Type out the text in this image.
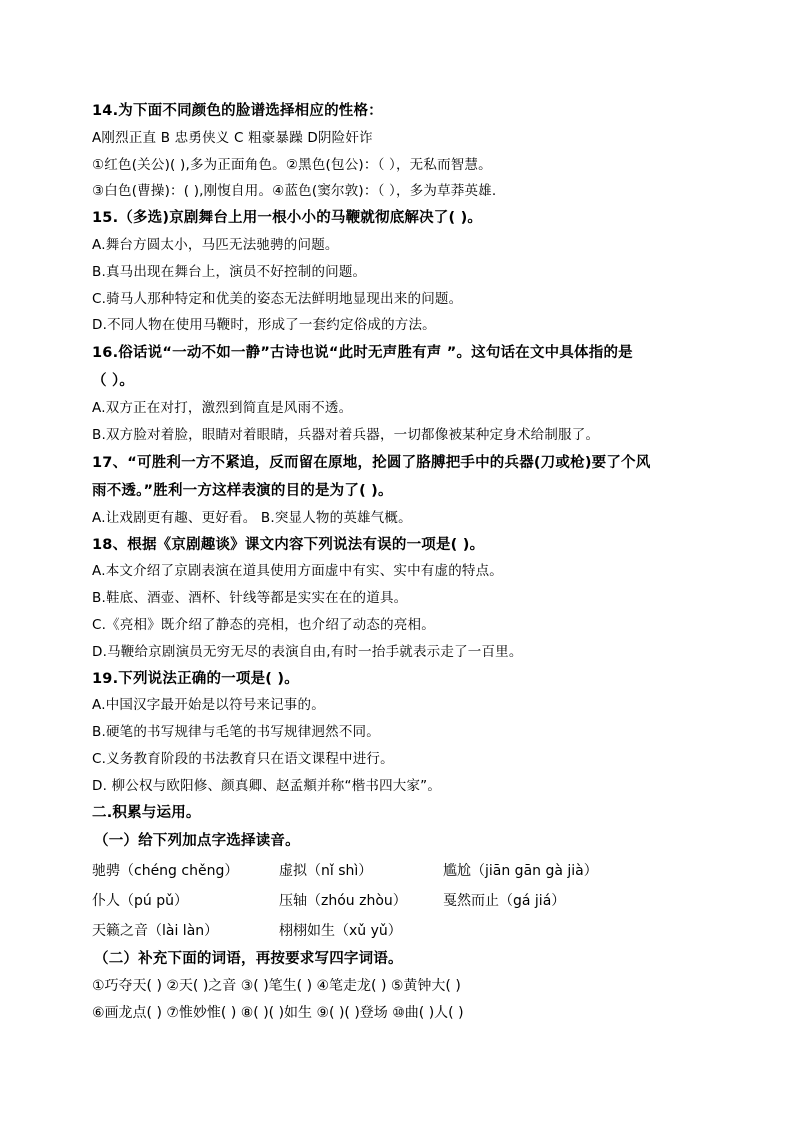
14.为下面不同颜色的脸谱选择相应的性格：
A刚烈正直 B 忠勇侠义 C 粗豪暴躁 D阴险奸诈
①红色(关公)( ),多为正面角色。②黑色(包公)：（ ），无私而智慧。
③白色(曹操)：( ),刚愎自用。④蓝色(窦尔敦)：（ ），多为草莽英雄.
15.（多选)京剧舞台上用一根小小的马鞭就彻底解决了( )。
A.舞台方圆太小，马匹无法驰骋的问题。
B.真马出现在舞台上，演员不好控制的问题。
C.骑马人那种特定和优美的姿态无法鲜明地显现出来的问题。
D.不同人物在使用马鞭时，形成了一套约定俗成的方法。
16.俗话说“一动不如一静”古诗也说“此时无声胜有声 ”。这句话在文中具体指的是
（ ）。
A.双方正在对打，激烈到简直是风雨不透。
B.双方脸对着脸，眼睛对着眼睛，兵器对着兵器，一切都像被某种定身术给制服了。
17、“可胜利一方不紧追，反而留在原地，抡圆了胳膊把手中的兵器(刀或枪)要了个风
雨不透。”胜利一方这样表演的目的是为了( )。
A.让戏剧更有趣、更好看。 B.突显人物的英雄气概。
18、根据《京剧趣谈》课文内容下列说法有误的一项是( )。
A.本文介绍了京剧表演在道具使用方面虚中有实、实中有虚的特点。
B.鞋底、酒壶、酒杯、针线等都是实实在在的道具。
C.《亮相》既介绍了静态的亮相，也介绍了动态的亮相。
D.马鞭给京剧演员无穷无尽的表演自由,有时一抬手就表示走了一百里。
19.下列说法正确的一项是( )。
A.中国汉字最开始是以符号来记事的。
B.硬笔的书写规律与毛笔的书写规律迥然不同。
C.义务教育阶段的书法教育只在语文课程中进行。
D. 柳公权与欧阳修、颜真卿、赵孟頫并称“楷书四大家”。
二.积累与运用。
（一）给下列加点字选择读音。
驰骋（chéng chěng）	虚拟（nǐ shì）	尴尬（jiān gān gà jià）
仆人（pú pǔ）	压轴（zhóu zhòu）	戛然而止（gá jiá）
天籁之音（lài làn）	栩栩如生（xǔ yǔ）
（二）补充下面的词语，再按要求写四字词语。
①巧夺天( ) ②天( )之音 ③( )笔生( ) ④笔走龙( ) ⑤黄钟大( )
⑥画龙点( ) ⑦惟妙惟( ) ⑧( )( )如生 ⑨( )( )登场 ⑩曲( )人( )
